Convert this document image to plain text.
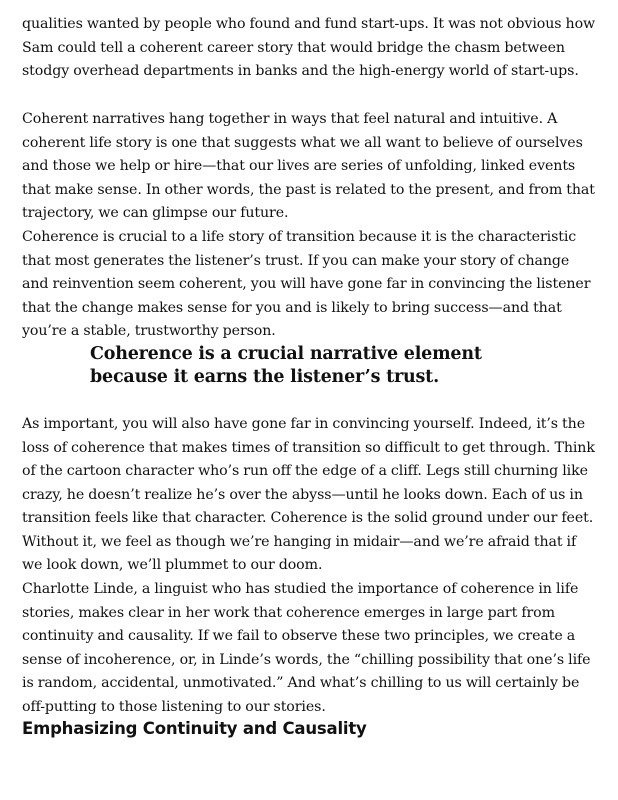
qualities wanted by people who found and fund start-ups. It was not obvious how Sam could tell a coherent career story that would bridge the chasm between stodgy overhead departments in banks and the high-energy world of start-ups.

Coherent narratives hang together in ways that feel natural and intuitive. A coherent life story is one that suggests what we all want to believe of ourselves and those we help or hire—that our lives are series of unfolding, linked events that make sense. In other words, the past is related to the present, and from that trajectory, we can glimpse our future.

Coherence is crucial to a life story of transition because it is the characteristic that most generates the listener’s trust. If you can make your story of change and reinvention seem coherent, you will have gone far in convincing the listener that the change makes sense for you and is likely to bring success—and that you’re a stable, trustworthy person.

Coherence is a crucial narrative element because it earns the listener’s trust.

As important, you will also have gone far in convincing yourself. Indeed, it’s the loss of coherence that makes times of transition so difficult to get through. Think of the cartoon character who’s run off the edge of a cliff. Legs still churning like crazy, he doesn’t realize he’s over the abyss—until he looks down. Each of us in transition feels like that character. Coherence is the solid ground under our feet. Without it, we feel as though we’re hanging in midair—and we’re afraid that if we look down, we’ll plummet to our doom.

Charlotte Linde, a linguist who has studied the importance of coherence in life stories, makes clear in her work that coherence emerges in large part from continuity and causality. If we fail to observe these two principles, we create a sense of incoherence, or, in Linde’s words, the “chilling possibility that one’s life is random, accidental, unmotivated.” And what’s chilling to us will certainly be off-putting to those listening to our stories.

Emphasizing Continuity and Causality
